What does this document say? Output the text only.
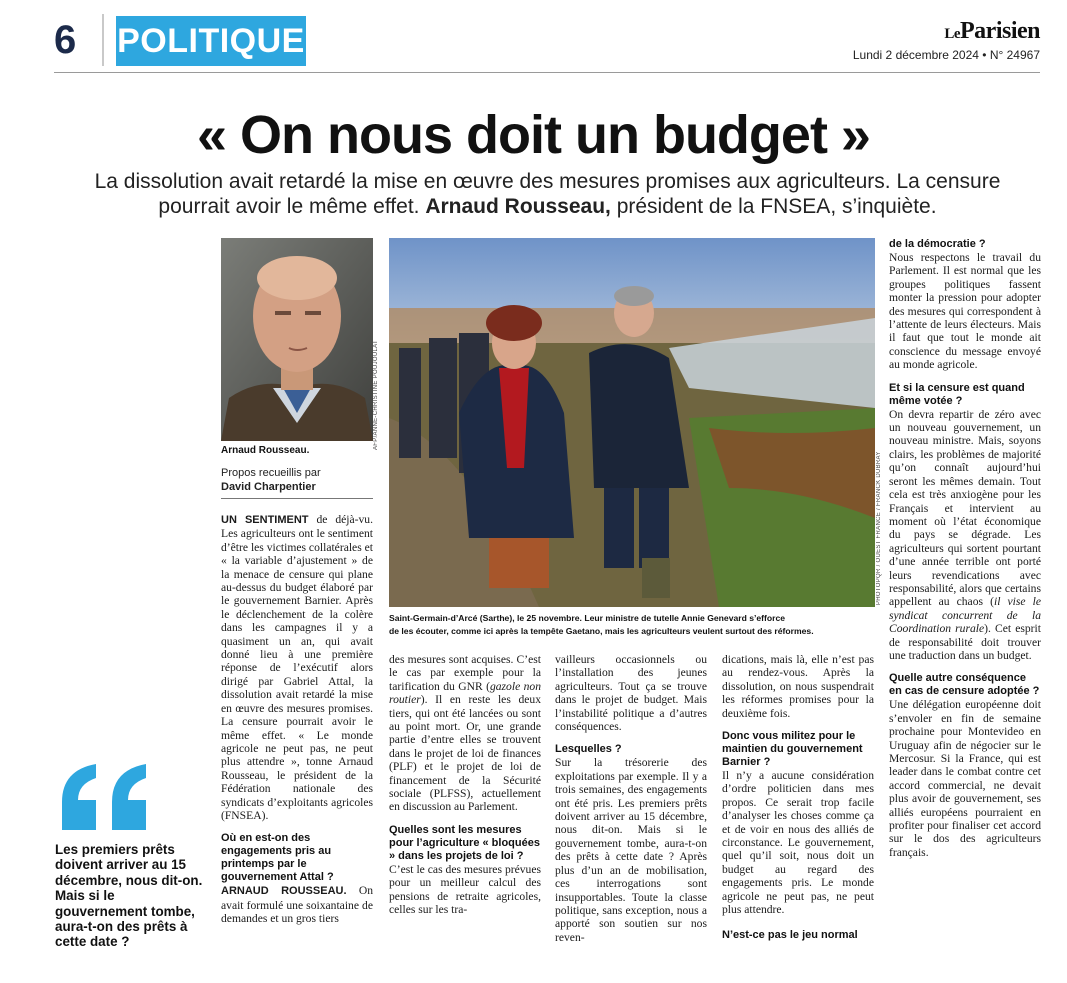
6 POLITIQUE	LeParisien
Lundi 2 décembre 2024 • N° 24967
« On nous doit un budget »
La dissolution avait retardé la mise en œuvre des mesures promises aux agriculteurs. La censure pourrait avoir le même effet. Arnaud Rousseau, président de la FNSEA, s’inquiète.
AFP/ANNE-CHRISTINE POUJOULAT
Arnaud Rousseau.
Propos recueillis par
David Charpentier	PHOTOPQR / OUEST FRANCE / FRANCK DUBRAY
Saint-Germain-d’Arcé (Sarthe), le 25 novembre. Leur ministre de tutelle Annie Genevard s’efforce
de les écouter, comme ici après la tempête Gaetano, mais les agriculteurs veulent surtout des réformes.
Les premiers prêts doivent arriver au 15 décembre, nous dit-on. Mais si le gouvernement tombe, aura-t-on des prêts à cette date ?

UN SENTIMENT de déjà-vu. Les agriculteurs ont le sentiment d’être les victimes collatérales et « la variable d’ajustement » de la menace de censure qui plane au-dessus du budget élaboré par le gouvernement Barnier. Après le déclenchement de la colère dans les campagnes il y a quasiment un an, qui avait donné lieu à une première réponse de l’exécutif alors dirigé par Gabriel Attal, la dissolution avait retardé la mise en œuvre des mesures promises. La censure pourrait avoir le même effet. « Le monde agricole ne peut pas, ne peut plus attendre », tonne Arnaud Rousseau, le président de la Fédération nationale des syndicats d’exploitants agricoles (FNSEA).

Où en est-on des engagements pris au printemps par le gouvernement Attal ?

ARNAUD ROUSSEAU. On avait formulé une soixantaine de demandes et un gros tiers

des mesures sont acquises. C’est le cas par exemple pour la tarification du GNR (gazole non routier). Il en reste les deux tiers, qui ont été lancées ou sont au point mort. Or, une grande partie d’entre elles se trouvent dans le projet de loi de finances (PLF) et le projet de loi de financement de la Sécurité sociale (PLFSS), actuellement en discussion au Parlement.

Quelles sont les mesures pour l’agriculture « bloquées » dans les projets de loi ?

C’est le cas des mesures prévues pour un meilleur calcul des pensions de retraite agricoles, celles sur les tra-

vailleurs occasionnels ou l’installation des jeunes agriculteurs. Tout ça se trouve dans le projet de budget. Mais l’instabilité politique a d’autres conséquences.

Lesquelles ?

Sur la trésorerie des exploitations par exemple. Il y a trois semaines, des engagements ont été pris. Les premiers prêts doivent arriver au 15 décembre, nous dit-on. Mais si le gouvernement tombe, aura-t-on des prêts à cette date ? Après plus d’un an de mobilisation, ces interrogations sont insupportables. Toute la classe politique, sans exception, nous a apporté son soutien sur nos reven-

dications, mais là, elle n’est pas au rendez-vous. Après la dissolution, on nous suspendrait les réformes promises pour la deuxième fois.

Donc vous militez pour le maintien du gouvernement Barnier ?

Il n’y a aucune considération d’ordre politicien dans mes propos. Ce serait trop facile d’analyser les choses comme ça et de voir en nous des alliés de circonstance. Le gouvernement, quel qu’il soit, nous doit un budget au regard des engagements pris. Le monde agricole ne peut pas, ne peut plus attendre.

N’est-ce pas le jeu normal

de la démocratie ?

Nous respectons le travail du Parlement. Il est normal que les groupes politiques fassent monter la pression pour adopter des mesures qui correspondent à l’attente de leurs électeurs. Mais il faut que tout le monde ait conscience du message envoyé au monde agricole.

Et si la censure est quand même votée ?

On devra repartir de zéro avec un nouveau gouvernement, un nouveau ministre. Mais, soyons clairs, les problèmes de majorité qu’on connaît aujourd’hui seront les mêmes demain. Tout cela est très anxiogène pour les Français et intervient au moment où l’état économique du pays se dégrade. Les agriculteurs qui sortent pourtant d’une année terrible ont porté leurs revendications avec responsabilité, alors que certains appellent au chaos (il vise le syndicat concurrent de la Coordination rurale). Cet esprit de responsabilité doit trouver une traduction dans un budget.

Quelle autre conséquence en cas de censure adoptée ?

Une délégation européenne doit s’envoler en fin de semaine prochaine pour Montevideo en Uruguay afin de négocier sur le Mercosur. Si la France, qui est leader dans le combat contre cet accord commercial, ne devait plus avoir de gouvernement, ses alliés européens pourraient en profiter pour finaliser cet accord sur le dos des agriculteurs français.
